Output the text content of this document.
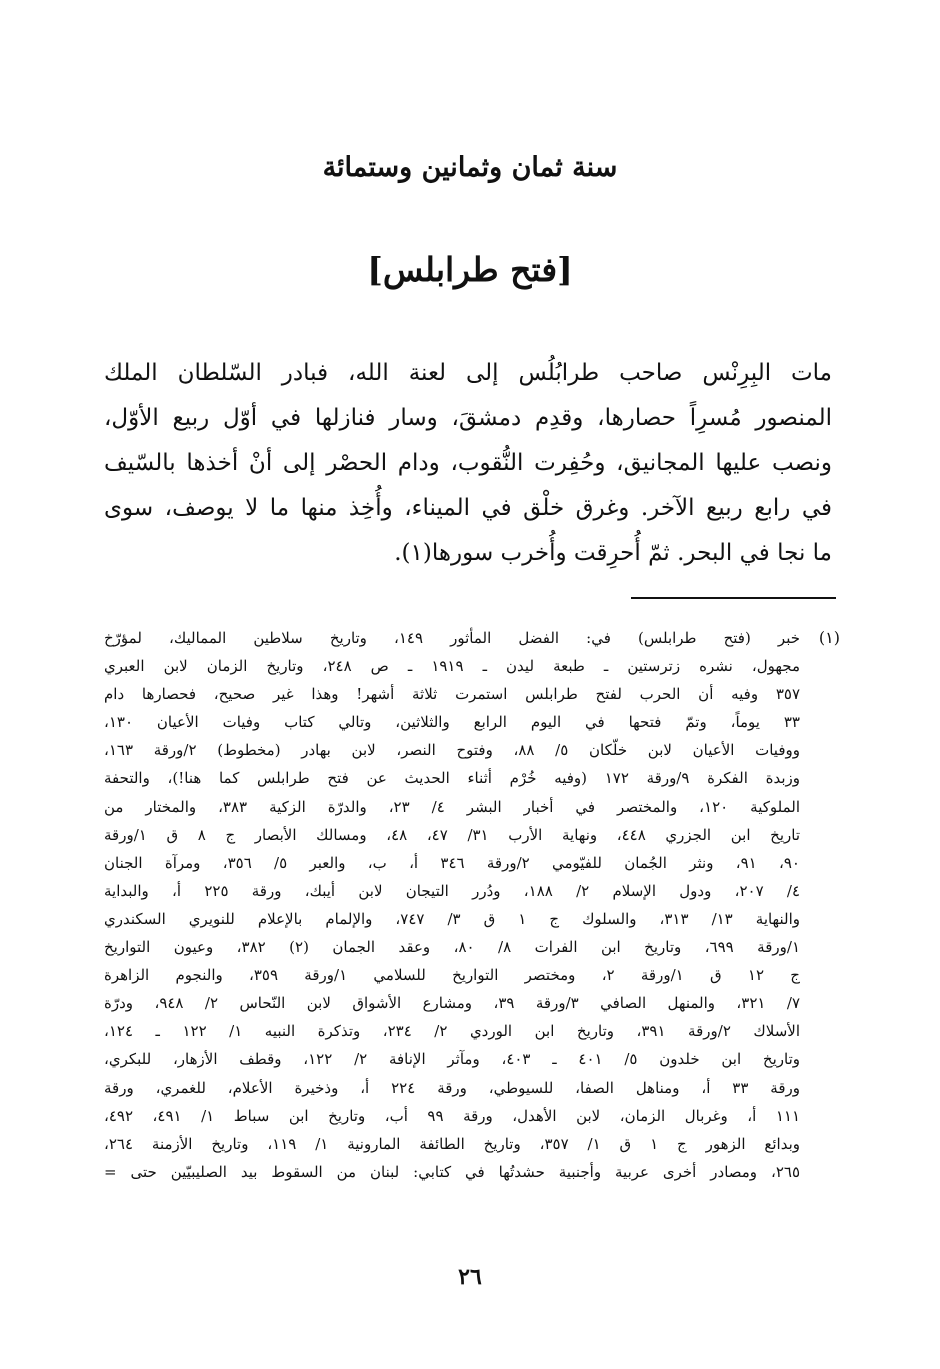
سنة ثمان وثمانين وستمائة
[فتح طرابلس]
مات البِرِنْس صاحب طرابُلُس إلى لعنة الله، فبادر السّلطان الملك
المنصور مُسرِاً حصارها، وقدِم دمشقَ، وسار فنازلها في أوّل ربيع الأوّل،
ونصب عليها المجانيق، وحُفِرت النُّقوب، ودام الحصْر إلى أنْ أخذها بالسّيف
في رابع ربيع الآخر. وغرق خلْق في الميناء، وأُخِذ منها ما لا يوصف، سوى
ما نجا في البحر. ثمّ أُحرِقت وأُخرب سورها(١).
(١)
خبر (فتح طرابلس) في: الفضل المأثور ١٤٩، وتاريخ سلاطين المماليك، لمؤرّخ
مجهول، نشره زترستين ـ طبعة ليدن ـ ١٩١٩ ـ ص ٢٤٨، وتاريخ الزمان لابن العبري
٣٥٧ وفيه أن الحرب لفتح طرابلس استمرت ثلاثة أشهر! وهذا غير صحيح، فحصارها دام
٣٣ يوماً، وتمّ فتحها في اليوم الرابع والثلاثين، وتالي كتاب وفيات الأعيان ١٣٠،
ووفيات الأعيان لابن خلّكان ٥/ ٨٨، وفتوح النصر، لابن بهادر (مخطوط) ٢/ورقة ١٦٣،
وزبدة الفكرة ٩/ورقة ١٧٢ (وفيه خُرْم أثناء الحديث عن فتح طرابلس كما هنا!)، والتحفة
الملوكية ١٢٠، والمختصر في أخبار البشر ٤/ ٢٣، والدرّة الزكية ٣٨٣، والمختار من
تاريخ ابن الجزري ٤٤٨، ونهاية الأرب ٣١/ ٤٧، ٤٨، ومسالك الأبصار ج ٨ ق ١/ورقة
٩٠، ٩١، ونثر الجُمان للفيّومي ٢/ورقة ٣٤٦ أ، ب، والعبر ٥/ ٣٥٦، ومرآة الجنان
٤/ ٢٠٧، ودول الإسلام ٢/ ١٨٨، ودُرر التيجان لابن أيبك، ورقة ٢٢٥ أ، والبداية
والنهاية ١٣/ ٣١٣، والسلوك ج ١ ق ٣/ ٧٤٧، والإلمام بالإعلام للنويري السكندري
١/ورقة ٦٩٩، وتاريخ ابن الفرات ٨/ ٨٠، وعقد الجمان (٢) ٣٨٢، وعيون التواريخ
ج ١٢ ق ١/ورقة ٢، ومختصر التواريخ للسلامي ١/ورقة ٣٥٩، والنجوم الزاهرة
٧/ ٣٢١، والمنهل الصافي ٣/ورقة ٣٩، ومشارع الأشواق لابن النّحاس ٢/ ٩٤٨، ودرّة
الأسلاك ٢/ورقة ٣٩١، وتاريخ ابن الوردي ٢/ ٢٣٤، وتذكرة النبيه ١/ ١٢٢ ـ ١٢٤،
وتاريخ ابن خلدون ٥/ ٤٠١ ـ ٤٠٣، ومآثر الإنافة ٢/ ١٢٢، وقطف الأزهار، للبكري،
ورقة ٣٣ أ، ومناهل الصفا، للسيوطي، ورقة ٢٢٤ أ، وذخيرة الأعلام، للغمري، ورقة
١١١ أ، وغربال الزمان، لابن الأهدل، ورقة ٩٩ أب، وتاريخ ابن سباط ١/ ٤٩١، ٤٩٢،
وبدائع الزهور ج ١ ق ١/ ٣٥٧، وتاريخ الطائفة المارونية ١/ ١١٩، وتاريخ الأزمنة ٢٦٤،
٢٦٥، ومصادر أخرى عربية وأجنبية حشدتُها في كتابي: لبنان من السقوط بيد الصليبيّين حتى =
٢٦
